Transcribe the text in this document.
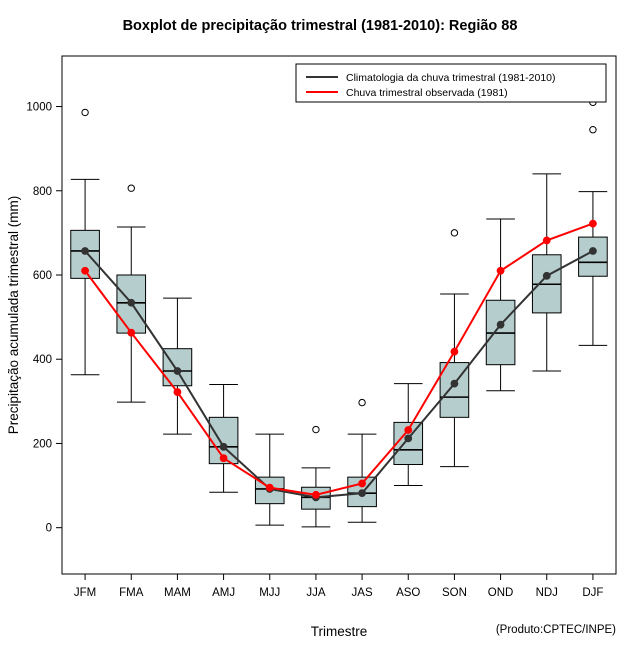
Boxplot de precipitação trimestral (1981-2010): Região 88
0
200
400
600
800
1000
Precipitação acumulada trimestral (mm)
Trimestre
JFM FMA MAM AMJ MJJ JJA JAS ASO SON OND NDJ DJF
Climatologia da chuva trimestral (1981-2010)
Chuva trimestral observada (1981)
(Produto:CPTEC/INPE)
